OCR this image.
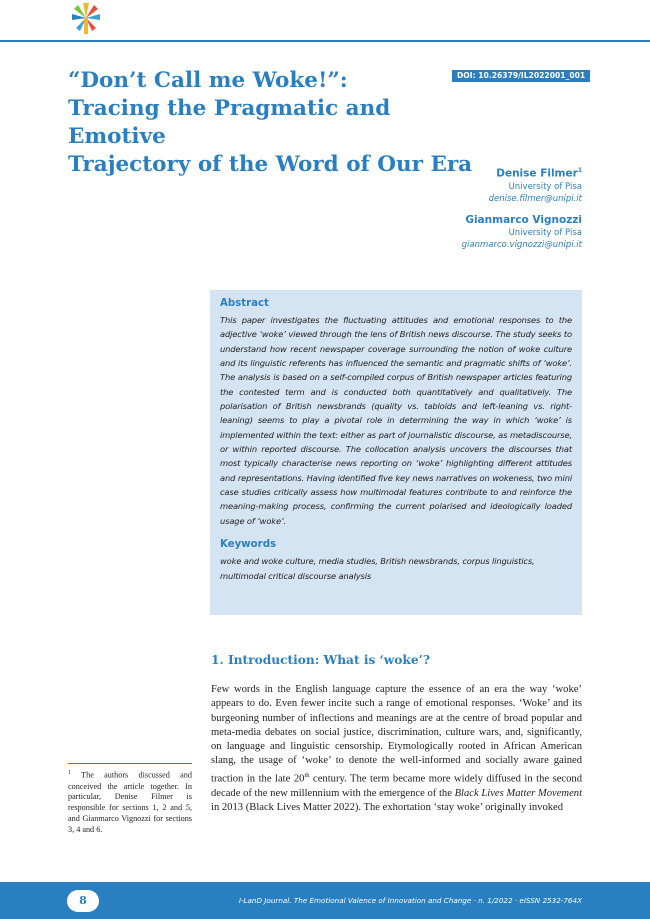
“Don’t Call me Woke!”:
Tracing the Pragmatic and Emotive
Trajectory of the Word of Our Era
DOI: 10.26379/IL2022001_001
Denise Filmer$^1$
University of Pisa
denise.filmer@unipi.it
Gianmarco Vignozzi
University of Pisa
gianmarco.vignozzi@unipi.it
Abstract
This paper investigates the fluctuating attitudes and emotional responses to the adjective ‘woke’ viewed through the lens of British news discourse. The study seeks to understand how recent newspaper coverage surrounding the notion of woke culture and its linguistic referents has influenced the semantic and pragmatic shifts of ‘woke’. The analysis is based on a self-compiled corpus of British newspaper articles featuring the contested term and is conducted both quantitatively and qualitatively. The polarisation of British newsbrands (quality vs. tabloids and left-leaning vs. right-leaning) seems to play a pivotal role in determining the way in which ‘woke’ is implemented within the text: either as part of journalistic discourse, as metadiscourse, or within reported discourse. The collocation analysis uncovers the discourses that most typically characterise news reporting on ‘woke’ highlighting different attitudes and representations. Having identified five key news narratives on wokeness, two mini case studies critically assess how multimodal features contribute to and reinforce the meaning-making process, confirming the current polarised and ideologically loaded usage of ‘woke’.
Keywords
woke and woke culture, media studies, British newsbrands, corpus linguistics, multimodal critical discourse analysis
1. Introduction: What is ‘woke’?
Few words in the English language capture the essence of an era the way ‘woke’ appears to do. Even fewer incite such a range of emotional responses. ‘Woke’ and its burgeoning number of inflections and meanings are at the centre of broad popular and meta-media debates on social justice, discrimination, culture wars, and, significantly, on language and linguistic censorship. Etymologically rooted in African American slang, the usage of ‘woke’ to denote the well-informed and socially aware gained traction in the late 20th century. The term became more widely diffused in the second decade of the new millennium with the emergence of the Black Lives Matter Movement in 2013 (Black Lives Matter 2022). The exhortation ‘stay woke’ originally invoked
$^1$ The authors discussed and conceived the article together. In particular, Denise Filmer is responsible for sections 1, 2 and 5, and Gianmarco Vignozzi for sections 3, 4 and 6.
8	I-LanD Journal. The Emotional Valence of Innovation and Change · n. 1/2022 · eISSN 2532-764X
